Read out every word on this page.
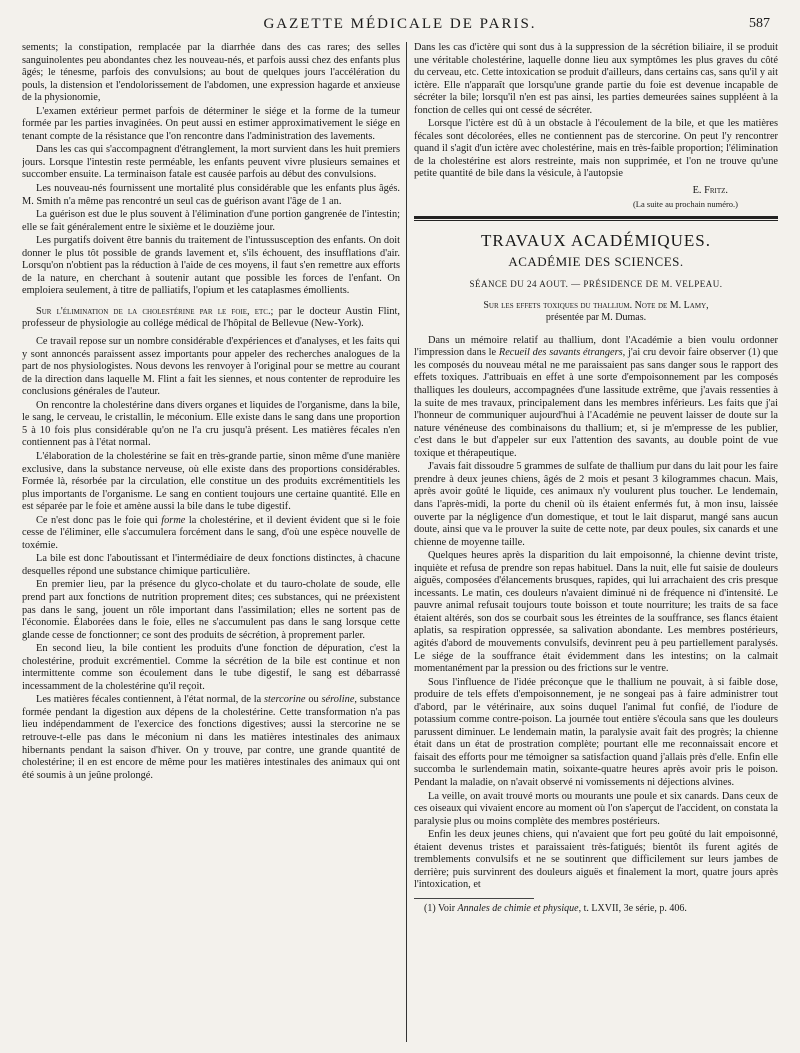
GAZETTE MÉDICALE DE PARIS.	587

sements; la constipation, remplacée par la diarrhée dans des cas rares; des selles sanguinolentes peu abondantes chez les nouveau-nés, et parfois aussi chez des enfants plus âgés; le ténesme, parfois des convulsions; au bout de quelques jours l'accélération du pouls, la distension et l'endolorissement de l'abdomen, une expression hagarde et anxieuse de la physionomie,

L'examen extérieur permet parfois de déterminer le siége et la forme de la tumeur formée par les parties invaginées. On peut aussi en estimer approximativement le siége en tenant compte de la résistance que l'on rencontre dans l'administration des lavements.

Dans les cas qui s'accompagnent d'étranglement, la mort survient dans les huit premiers jours. Lorsque l'intestin reste perméable, les enfants peuvent vivre plusieurs semaines et succomber ensuite. La terminaison fatale est causée parfois au début des convulsions.

Les nouveau-nés fournissent une mortalité plus considérable que les enfants plus âgés. M. Smith n'a même pas rencontré un seul cas de guérison avant l'âge de 1 an.

La guérison est due le plus souvent à l'élimination d'une portion gangrenée de l'intestin; elle se fait généralement entre le sixième et le douzième jour.

Les purgatifs doivent être bannis du traitement de l'intussusception des enfants. On doit donner le plus tôt possible de grands lavement et, s'ils échouent, des insufflations d'air. Lorsqu'on n'obtient pas la réduction à l'aide de ces moyens, il faut s'en remettre aux efforts de la nature, en cherchant à soutenir autant que possible les forces de l'enfant. On emploiera seulement, à titre de palliatifs, l'opium et les cataplasmes émollients.

Sur l'élimination de la cholestérine par le foie, etc.; par le docteur Austin Flint, professeur de physiologie au collége médical de l'hôpital de Bellevue (New-York).

Ce travail repose sur un nombre considérable d'expériences et d'analyses, et les faits qui y sont annoncés paraissent assez importants pour appeler des recherches analogues de la part de nos physiologistes. Nous devons les renvoyer à l'original pour se mettre au courant de la direction dans laquelle M. Flint a fait les siennes, et nous contenter de reproduire les conclusions générales de l'auteur.

On rencontre la cholestérine dans divers organes et liquides de l'organisme, dans la bile, le sang, le cerveau, le cristallin, le méconium. Elle existe dans le sang dans une proportion 5 à 10 fois plus considérable qu'on ne l'a cru jusqu'à présent. Les matières fécales n'en contiennent pas à l'état normal.

L'élaboration de la cholestérine se fait en très-grande partie, sinon même d'une manière exclusive, dans la substance nerveuse, où elle existe dans des proportions considérables. Formée là, résorbée par la circulation, elle constitue un des produits excrémentitiels les plus importants de l'organisme. Le sang en contient toujours une certaine quantité. Elle en est séparée par le foie et amène aussi la bile dans le tube digestif.

Ce n'est donc pas le foie qui forme la cholestérine, et il devient évident que si le foie cesse de l'éliminer, elle s'accumulera forcément dans le sang, d'où une espèce nouvelle de toxémie.

La bile est donc l'aboutissant et l'intermédiaire de deux fonctions distinctes, à chacune desquelles répond une substance chimique particulière.

En premier lieu, par la présence du glyco-cholate et du tauro-cholate de soude, elle prend part aux fonctions de nutrition proprement dites; ces substances, qui ne préexistent pas dans le sang, jouent un rôle important dans l'assimilation; elles ne sortent pas de l'économie. Élaborées dans le foie, elles ne s'accumulent pas dans le sang lorsque cette glande cesse de fonctionner; ce sont des produits de sécrétion, à proprement parler.

En second lieu, la bile contient les produits d'une fonction de dépuration, c'est la cholestérine, produit excrémentiel. Comme la sécrétion de la bile est continue et non intermittente comme son écoulement dans le tube digestif, le sang est débarrassé incessamment de la cholestérine qu'il reçoit.

Les matières fécales contiennent, à l'état normal, de la stercorine ou séroline, substance formée pendant la digestion aux dépens de la cholestérine. Cette transformation n'a pas lieu indépendamment de l'exercice des fonctions digestives; aussi la stercorine ne se retrouve-t-elle pas dans le méconium ni dans les matières intestinales des animaux hibernants pendant la saison d'hiver. On y trouve, par contre, une grande quantité de cholestérine; il en est encore de même pour les matières intestinales des animaux qui ont été soumis à un jeûne prolongé.

Dans les cas d'ictère qui sont dus à la suppression de la sécrétion biliaire, il se produit une véritable cholestérine, laquelle donne lieu aux symptômes les plus graves du côté du cerveau, etc. Cette intoxication se produit d'ailleurs, dans certains cas, sans qu'il y ait ictère. Elle n'apparaît que lorsqu'une grande partie du foie est devenue incapable de sécréter la bile; lorsqu'il n'en est pas ainsi, les parties demeurées saines suppléent à la fonction de celles qui ont cessé de sécréter.

Lorsque l'ictère est dû à un obstacle à l'écoulement de la bile, et que les matières fécales sont décolorées, elles ne contiennent pas de stercorine. On peut l'y rencontrer quand il s'agit d'un ictère avec cholestérine, mais en très-faible proportion; l'élimination de la cholestérine est alors restreinte, mais non supprimée, et l'on ne trouve qu'une petite quantité de bile dans la vésicule, à l'autopsie

E. Fritz.
(La suite au prochain numéro.)
TRAVAUX ACADÉMIQUES.
ACADÉMIE DES SCIENCES.
SÉANCE DU 24 AOUT. — PRÉSIDENCE DE M. VELPEAU.
Sur les effets toxiques du thallium. Note de M. Lamy,
présentée par M. Dumas.

Dans un mémoire relatif au thallium, dont l'Académie a bien voulu ordonner l'impression dans le Recueil des savants étrangers, j'ai cru devoir faire observer (1) que les composés du nouveau métal ne me paraissaient pas sans danger sous le rapport des effets toxiques. J'attribuais en effet à une sorte d'empoisonnement par les composés thalliques les douleurs, accompagnées d'une lassitude extrême, que j'avais ressenties à la suite de mes travaux, principalement dans les membres inférieurs. Les faits que j'ai l'honneur de communiquer aujourd'hui à l'Académie ne peuvent laisser de doute sur la nature vénéneuse des combinaisons du thallium; et, si je m'empresse de les publier, c'est dans le but d'appeler sur eux l'attention des savants, au double point de vue toxique et thérapeutique.

J'avais fait dissoudre 5 grammes de sulfate de thallium pur dans du lait pour les faire prendre à deux jeunes chiens, âgés de 2 mois et pesant 3 kilogrammes chacun. Mais, après avoir goûté le liquide, ces animaux n'y voulurent plus toucher. Le lendemain, dans l'après-midi, la porte du chenil où ils étaient enfermés fut, à mon insu, laissée ouverte par la négligence d'un domestique, et tout le lait disparut, mangé sans aucun doute, ainsi que va le prouver la suite de cette note, par deux poules, six canards et une chienne de moyenne taille.

Quelques heures après la disparition du lait empoisonné, la chienne devint triste, inquiète et refusa de prendre son repas habituel. Dans la nuit, elle fut saisie de douleurs aiguës, composées d'élancements brusques, rapides, qui lui arrachaient des cris presque incessants. Le matin, ces douleurs n'avaient diminué ni de fréquence ni d'intensité. Le pauvre animal refusait toujours toute boisson et toute nourriture; les traits de sa face étaient altérés, son dos se courbait sous les étreintes de la souffrance, ses flancs étaient aplatis, sa respiration oppressée, sa salivation abondante. Les membres postérieurs, agités d'abord de mouvements convulsifs, devinrent peu à peu partiellement paralysés. Le siége de la souffrance était évidemment dans les intestins; on la calmait momentanément par la pression ou des frictions sur le ventre.

Sous l'influence de l'idée préconçue que le thallium ne pouvait, à si faible dose, produire de tels effets d'empoisonnement, je ne songeai pas à faire administrer tout d'abord, par le vétérinaire, aux soins duquel l'animal fut confié, de l'iodure de potassium comme contre-poison. La journée tout entière s'écoula sans que les douleurs parussent diminuer. Le lendemain matin, la paralysie avait fait des progrès; la chienne était dans un état de prostration complète; pourtant elle me reconnaissait encore et faisait des efforts pour me témoigner sa satisfaction quand j'allais près d'elle. Enfin elle succomba le surlendemain matin, soixante-quatre heures après avoir pris le poison. Pendant la maladie, on n'avait observé ni vomissements ni déjections alvines.

La veille, on avait trouvé morts ou mourants une poule et six canards. Dans ceux de ces oiseaux qui vivaient encore au moment où l'on s'aperçut de l'accident, on constata la paralysie plus ou moins complète des membres postérieurs.

Enfin les deux jeunes chiens, qui n'avaient que fort peu goûté du lait empoisonné, étaient devenus tristes et paraissaient très-fatigués; bientôt ils furent agités de tremblements convulsifs et ne se soutinrent que difficilement sur leurs jambes de derrière; puis survinrent des douleurs aiguës et finalement la mort, quatre jours après l'intoxication, et

(1) Voir Annales de chimie et physique, t. LXVII, 3e série, p. 406.
